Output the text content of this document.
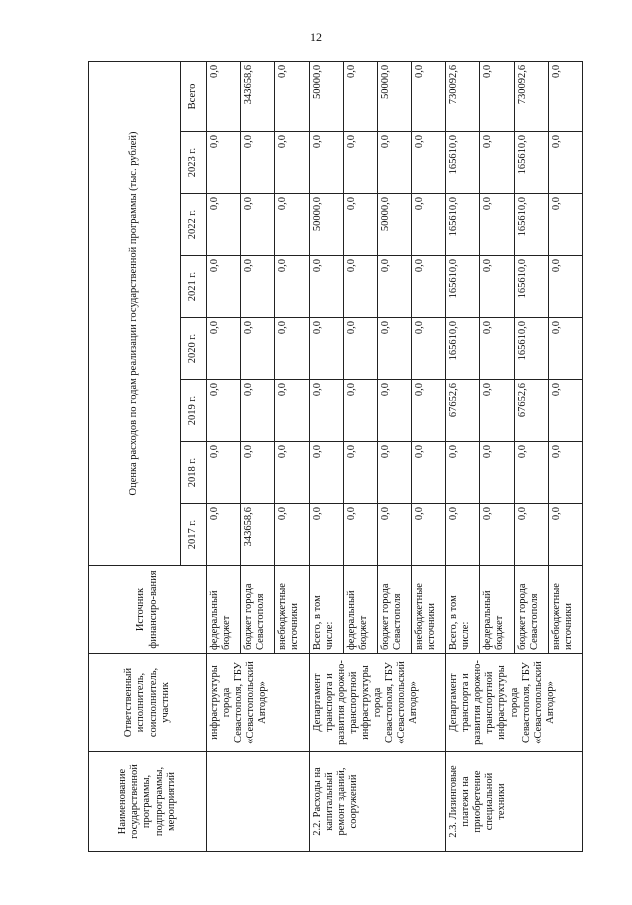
12
Наименование государственной программы, подпрограммы, мероприятий	Ответственный исполнитель, соисполнитель, участник	Источник финансиро-вания	Оценка расходов по годам реализации государственной программы (тыс. рублей)							
			2017 г.	2018 г.	2019 г.	2020 г.	2021 г.	2022 г.	2023 г.	Всего
	инфраструктуры города Севастополя, ГБУ «Севастопольский Автодор»	федеральный бюджет	0,0	0,0	0,0	0,0	0,0	0,0	0,0	0,0
		бюджет города Севастополя	343658,6	0,0	0,0	0,0	0,0	0,0	0,0	343658,6
		внебюджетные источники	0,0	0,0	0,0	0,0	0,0	0,0	0,0	0,0
2.2. Расходы на капитальный ремонт зданий, сооружений	Департамент транспорта и развития дорожно-транспортной инфраструктуры города Севастополя, ГБУ «Севастопольский Автодор»	Всего, в том числе:	0,0	0,0	0,0	0,0	0,0	50000,0	0,0	50000,0
		федеральный бюджет	0,0	0,0	0,0	0,0	0,0	0,0	0,0	0,0
		бюджет города Севастополя	0,0	0,0	0,0	0,0	0,0	50000,0	0,0	50000,0
		внебюджетные источники	0,0	0,0	0,0	0,0	0,0	0,0	0,0	0,0
2.3. Лизинговые платежи на приобретение специальной техники	Департамент транспорта и развития дорожно-транспортной инфраструктуры города Севастополя, ГБУ «Севастопольский Автодор»	Всего, в том числе:	0,0	0,0	67652,6	165610,0	165610,0	165610,0	165610,0	730092,6
		федеральный бюджет	0,0	0,0	0,0	0,0	0,0	0,0	0,0	0,0
		бюджет города Севастополя	0,0	0,0	67652,6	165610,0	165610,0	165610,0	165610,0	730092,6
		внебюджетные источники	0,0	0,0	0,0	0,0	0,0	0,0	0,0	0,0
